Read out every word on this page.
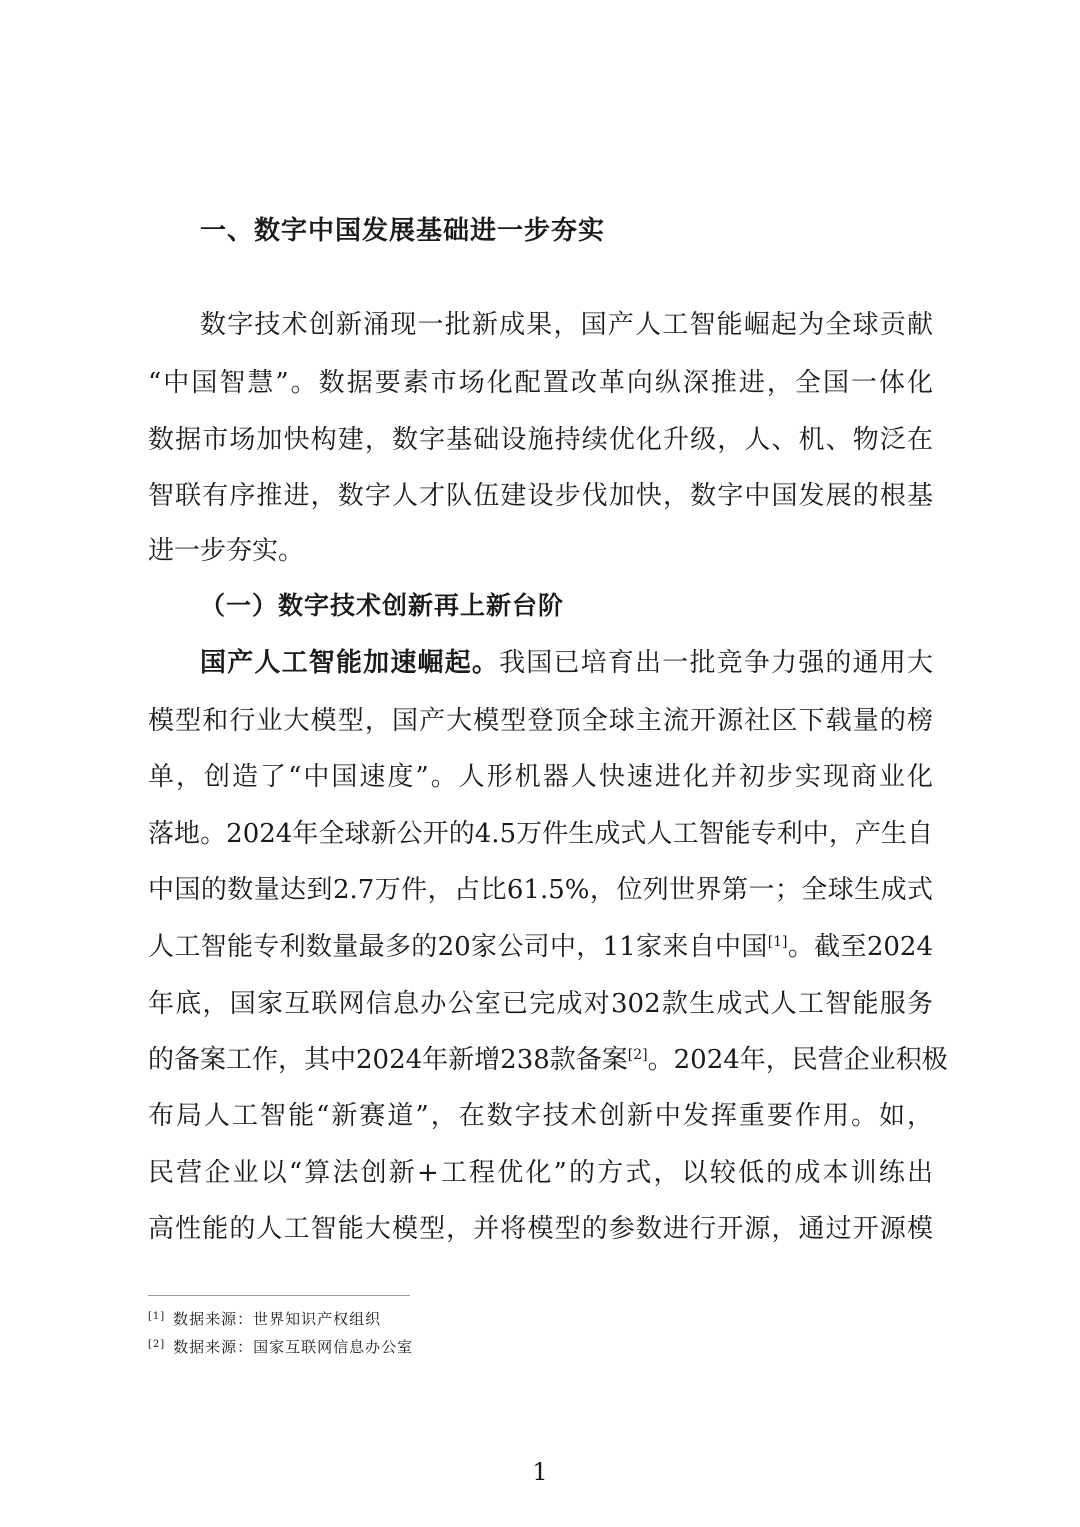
一、数字中国发展基础进一步夯实
数字技术创新涌现一批新成果，国产人工智能崛起为全球贡献
“中国智慧”。数据要素市场化配置改革向纵深推进，全国一体化
数据市场加快构建，数字基础设施持续优化升级，人、机、物泛在
智联有序推进，数字人才队伍建设步伐加快，数字中国发展的根基
进一步夯实。
（一）数字技术创新再上新台阶
国产人工智能加速崛起。我国已培育出一批竞争力强的通用大
模型和行业大模型，国产大模型登顶全球主流开源社区下载量的榜
单，创造了“中国速度”。人形机器人快速进化并初步实现商业化
落地。2024年全球新公开的4.5万件生成式人工智能专利中，产生自
中国的数量达到2.7万件，占比61.5%，位列世界第一；全球生成式
人工智能专利数量最多的20家公司中，11家来自中国[1]。截至2024
年底，国家互联网信息办公室已完成对302款生成式人工智能服务
的备案工作，其中2024年新增238款备案[2]。2024年，民营企业积极
布局人工智能“新赛道”，在数字技术创新中发挥重要作用。如，
民营企业以“算法创新+工程优化”的方式，以较低的成本训练出
高性能的人工智能大模型，并将模型的参数进行开源，通过开源模
[1] 数据来源：世界知识产权组织
[2] 数据来源：国家互联网信息办公室
1
